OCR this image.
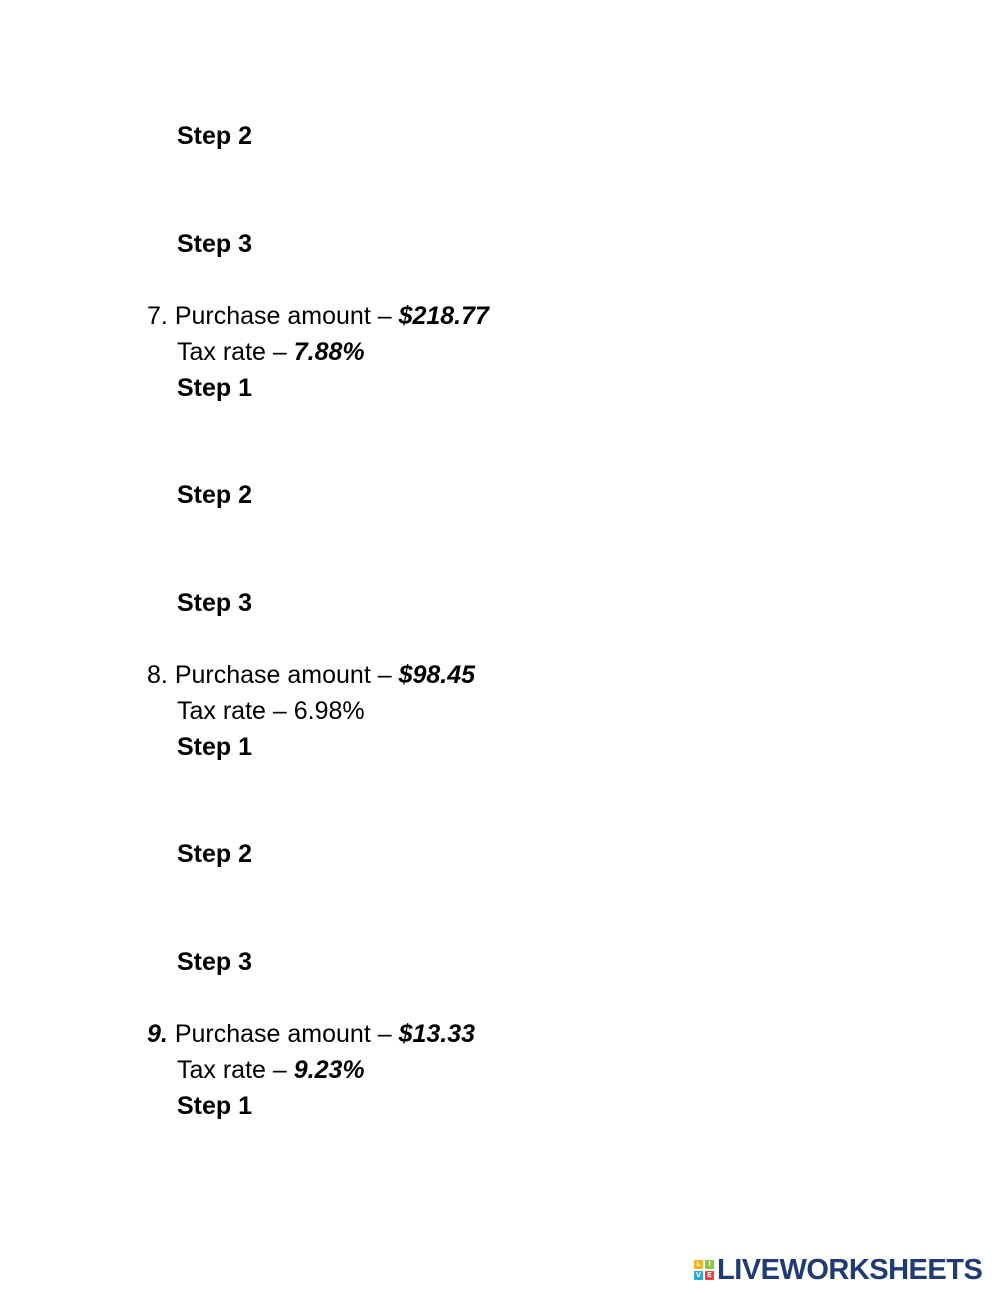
Step 2
Step 3
7. Purchase amount – $218.77
Tax rate – 7.88%
Step 1
Step 2
Step 3
8. Purchase amount – $98.45
Tax rate – 6.98%
Step 1
Step 2
Step 3
9. Purchase amount – $13.33
Tax rate – 9.23%
Step 1
L	I
V E LIVEWORKSHEETS
